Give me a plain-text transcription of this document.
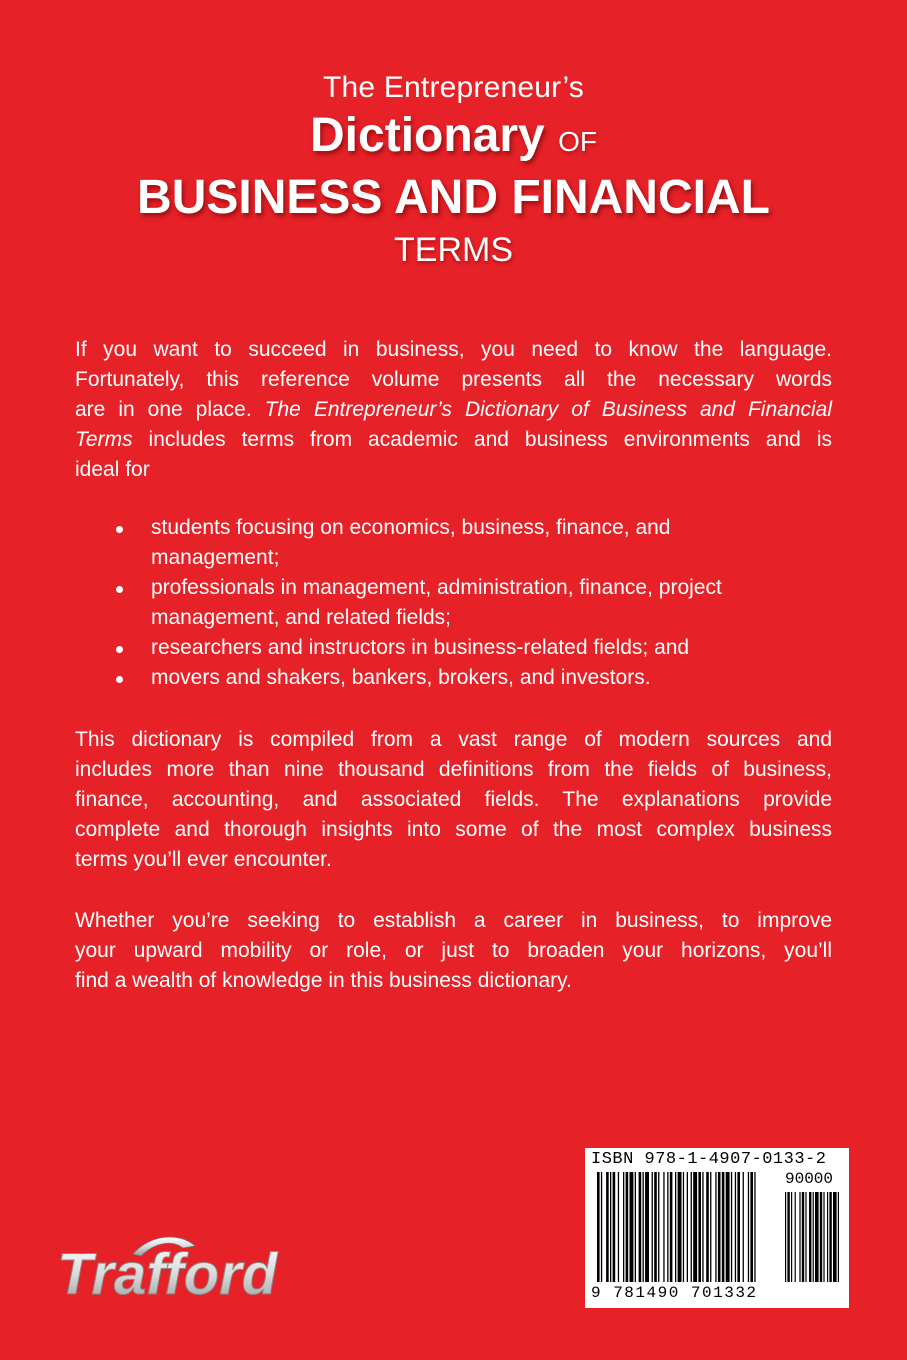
The Entrepreneur’s
Dictionary OF
BUSINESS AND FINANCIAL
TERMS
If you want to succeed in business, you need to know the language.
Fortunately, this reference volume presents all the necessary words
are in one place. The Entrepreneur’s Dictionary of Business and Financial
Terms includes terms from academic and business environments and is
ideal for
students focusing on economics, business, finance, and
management;
professionals in management, administration, finance, project
management, and related fields;
researchers and instructors in business-related fields; and
movers and shakers, bankers, brokers, and investors.
This dictionary is compiled from a vast range of modern sources and
includes more than nine thousand definitions from the fields of business,
finance, accounting, and associated fields. The explanations provide
complete and thorough insights into some of the most complex business
terms you’ll ever encounter.
Whether you’re seeking to establish a career in business, to improve
your upward mobility or role, or just to broaden your horizons, you’ll
find a wealth of knowledge in this business dictionary.
ISBN 978-1-4907-0133-2
90000
9 781490 701332
Trafford
